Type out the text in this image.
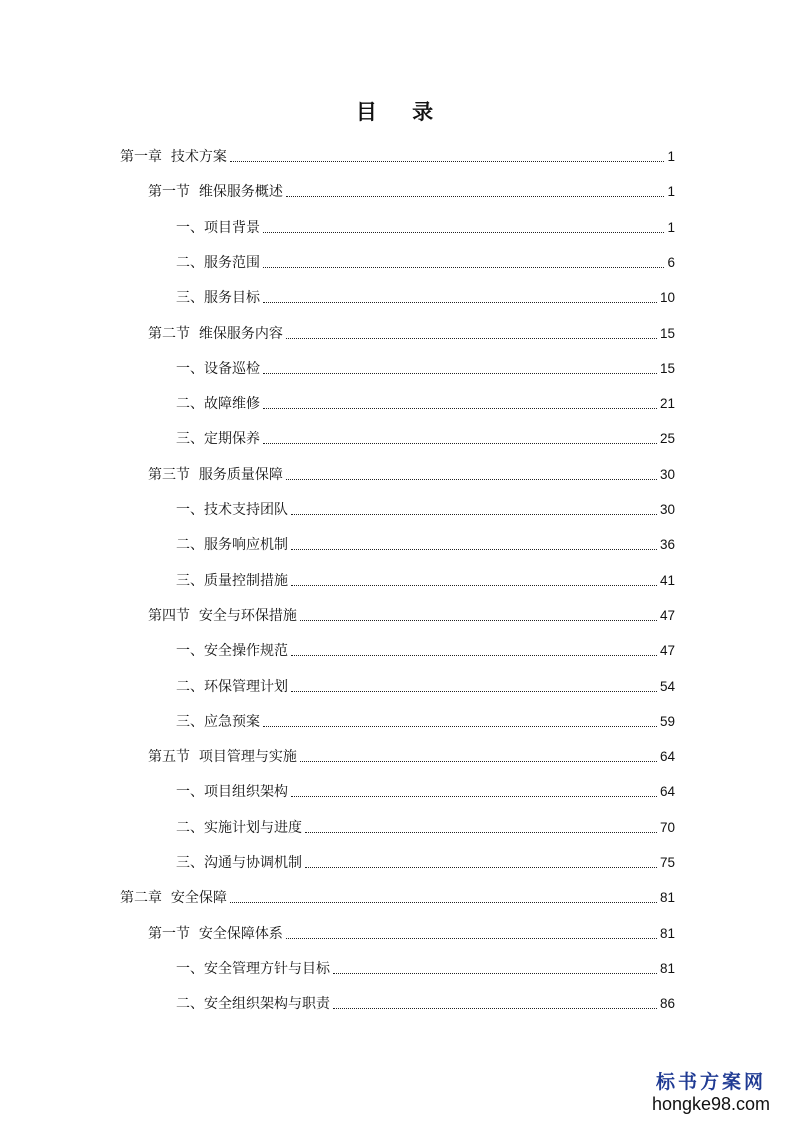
目 录
第一章  技术方案	1
第一节  维保服务概述	1
一、项目背景	1
二、服务范围	6
三、服务目标	10
第二节  维保服务内容	15
一、设备巡检	15
二、故障维修	21
三、定期保养	25
第三节  服务质量保障	30
一、技术支持团队	30
二、服务响应机制	36
三、质量控制措施	41
第四节  安全与环保措施	47
一、安全操作规范	47
二、环保管理计划	54
三、应急预案	59
第五节  项目管理与实施	64
一、项目组织架构	64
二、实施计划与进度	70
三、沟通与协调机制	75
第二章  安全保障	81
第一节  安全保障体系	81
一、安全管理方针与目标	81
二、安全组织架构与职责	86
标书方案网
hongke98.com
